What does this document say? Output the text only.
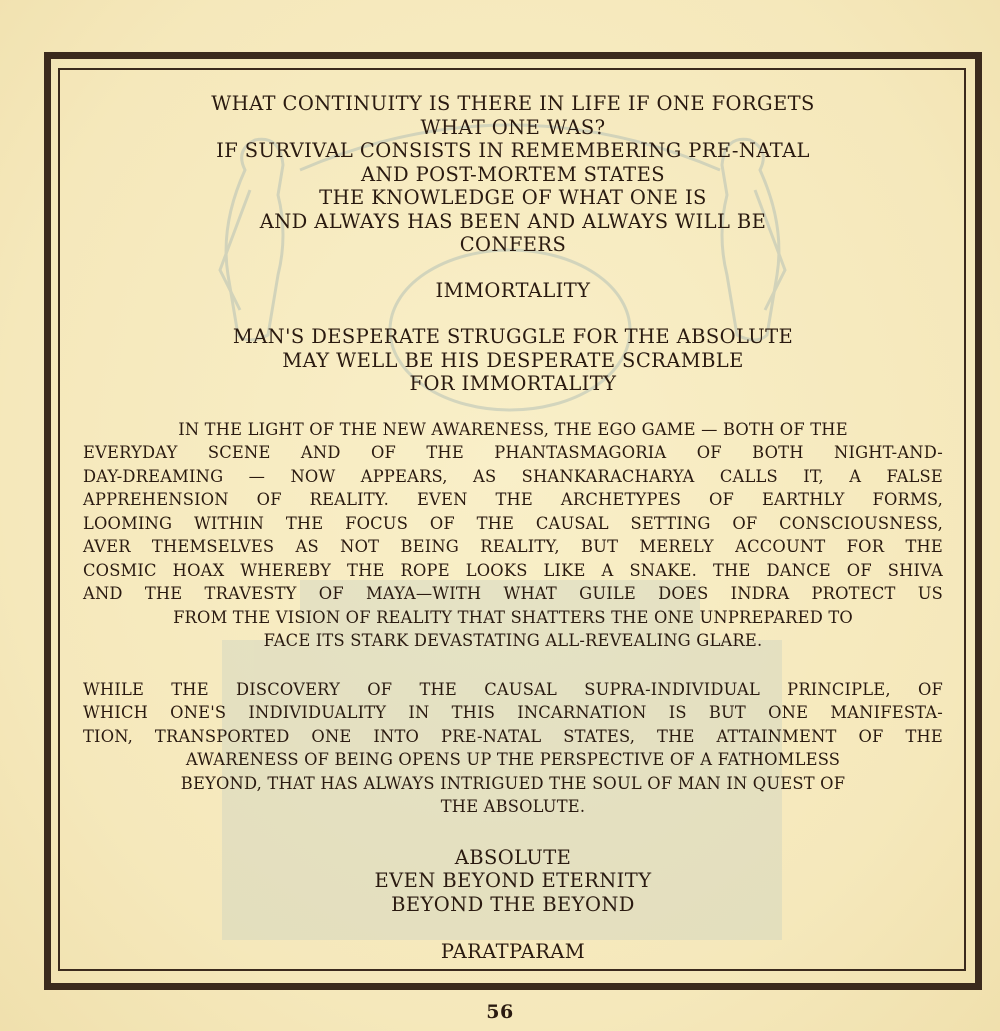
WHAT CONTINUITY IS THERE IN LIFE IF ONE FORGETS
WHAT ONE WAS?
IF SURVIVAL CONSISTS IN REMEMBERING PRE-NATAL
AND POST-MORTEM STATES
THE KNOWLEDGE OF WHAT ONE IS
AND ALWAYS HAS BEEN AND ALWAYS WILL BE
CONFERS
IMMORTALITY
MAN'S DESPERATE STRUGGLE FOR THE ABSOLUTE
MAY WELL BE HIS DESPERATE SCRAMBLE
FOR IMMORTALITY
IN THE LIGHT OF THE NEW AWARENESS, THE EGO GAME — BOTH OF THE
EVERYDAY SCENE AND OF THE PHANTASMAGORIA OF BOTH NIGHT-AND-
DAY-DREAMING — NOW APPEARS, AS SHANKARACHARYA CALLS IT, A FALSE
APPREHENSION OF REALITY. EVEN THE ARCHETYPES OF EARTHLY FORMS,
LOOMING WITHIN THE FOCUS OF THE CAUSAL SETTING OF CONSCIOUSNESS,
AVER THEMSELVES AS NOT BEING REALITY, BUT MERELY ACCOUNT FOR THE
COSMIC HOAX WHEREBY THE ROPE LOOKS LIKE A SNAKE. THE DANCE OF SHIVA
AND THE TRAVESTY OF MAYA—WITH WHAT GUILE DOES INDRA PROTECT US
FROM THE VISION OF REALITY THAT SHATTERS THE ONE UNPREPARED TO
FACE ITS STARK DEVASTATING ALL-REVEALING GLARE.
WHILE THE DISCOVERY OF THE CAUSAL SUPRA-INDIVIDUAL PRINCIPLE, OF
WHICH ONE'S INDIVIDUALITY IN THIS INCARNATION IS BUT ONE MANIFESTA-
TION, TRANSPORTED ONE INTO PRE-NATAL STATES, THE ATTAINMENT OF THE
AWARENESS OF BEING OPENS UP THE PERSPECTIVE OF A FATHOMLESS
BEYOND, THAT HAS ALWAYS INTRIGUED THE SOUL OF MAN IN QUEST OF
THE ABSOLUTE.
ABSOLUTE
EVEN BEYOND ETERNITY
BEYOND THE BEYOND
PARATPARAM
56
